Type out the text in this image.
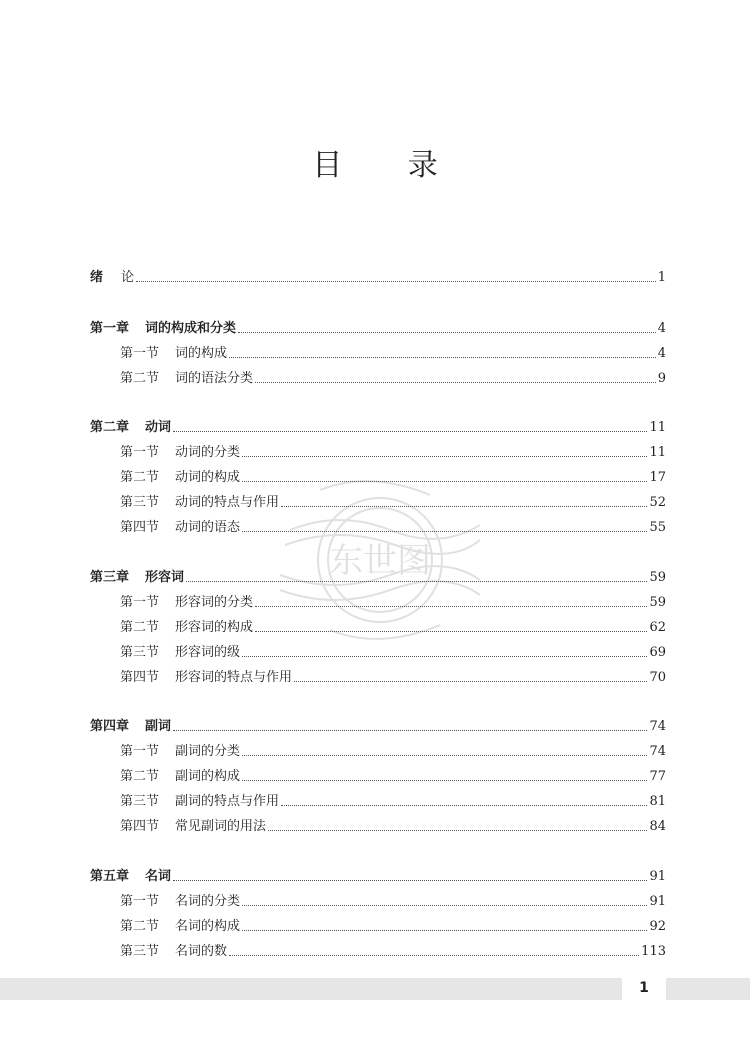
目 录
东世图
绪 论	1
第一章 词的构成和分类	4
第一节 词的构成	4
第二节 词的语法分类	9
第二章 动词	11
第一节 动词的分类	11
第二节 动词的构成	17
第三节 动词的特点与作用	52
第四节 动词的语态	55
第三章 形容词	59
第一节 形容词的分类	59
第二节 形容词的构成	62
第三节 形容词的级	69
第四节 形容词的特点与作用	70
第四章 副词	74
第一节 副词的分类	74
第二节 副词的构成	77
第三节 副词的特点与作用	81
第四节 常见副词的用法	84
第五章 名词	91
第一节 名词的分类	91
第二节 名词的构成	92
第三节 名词的数	113
1
